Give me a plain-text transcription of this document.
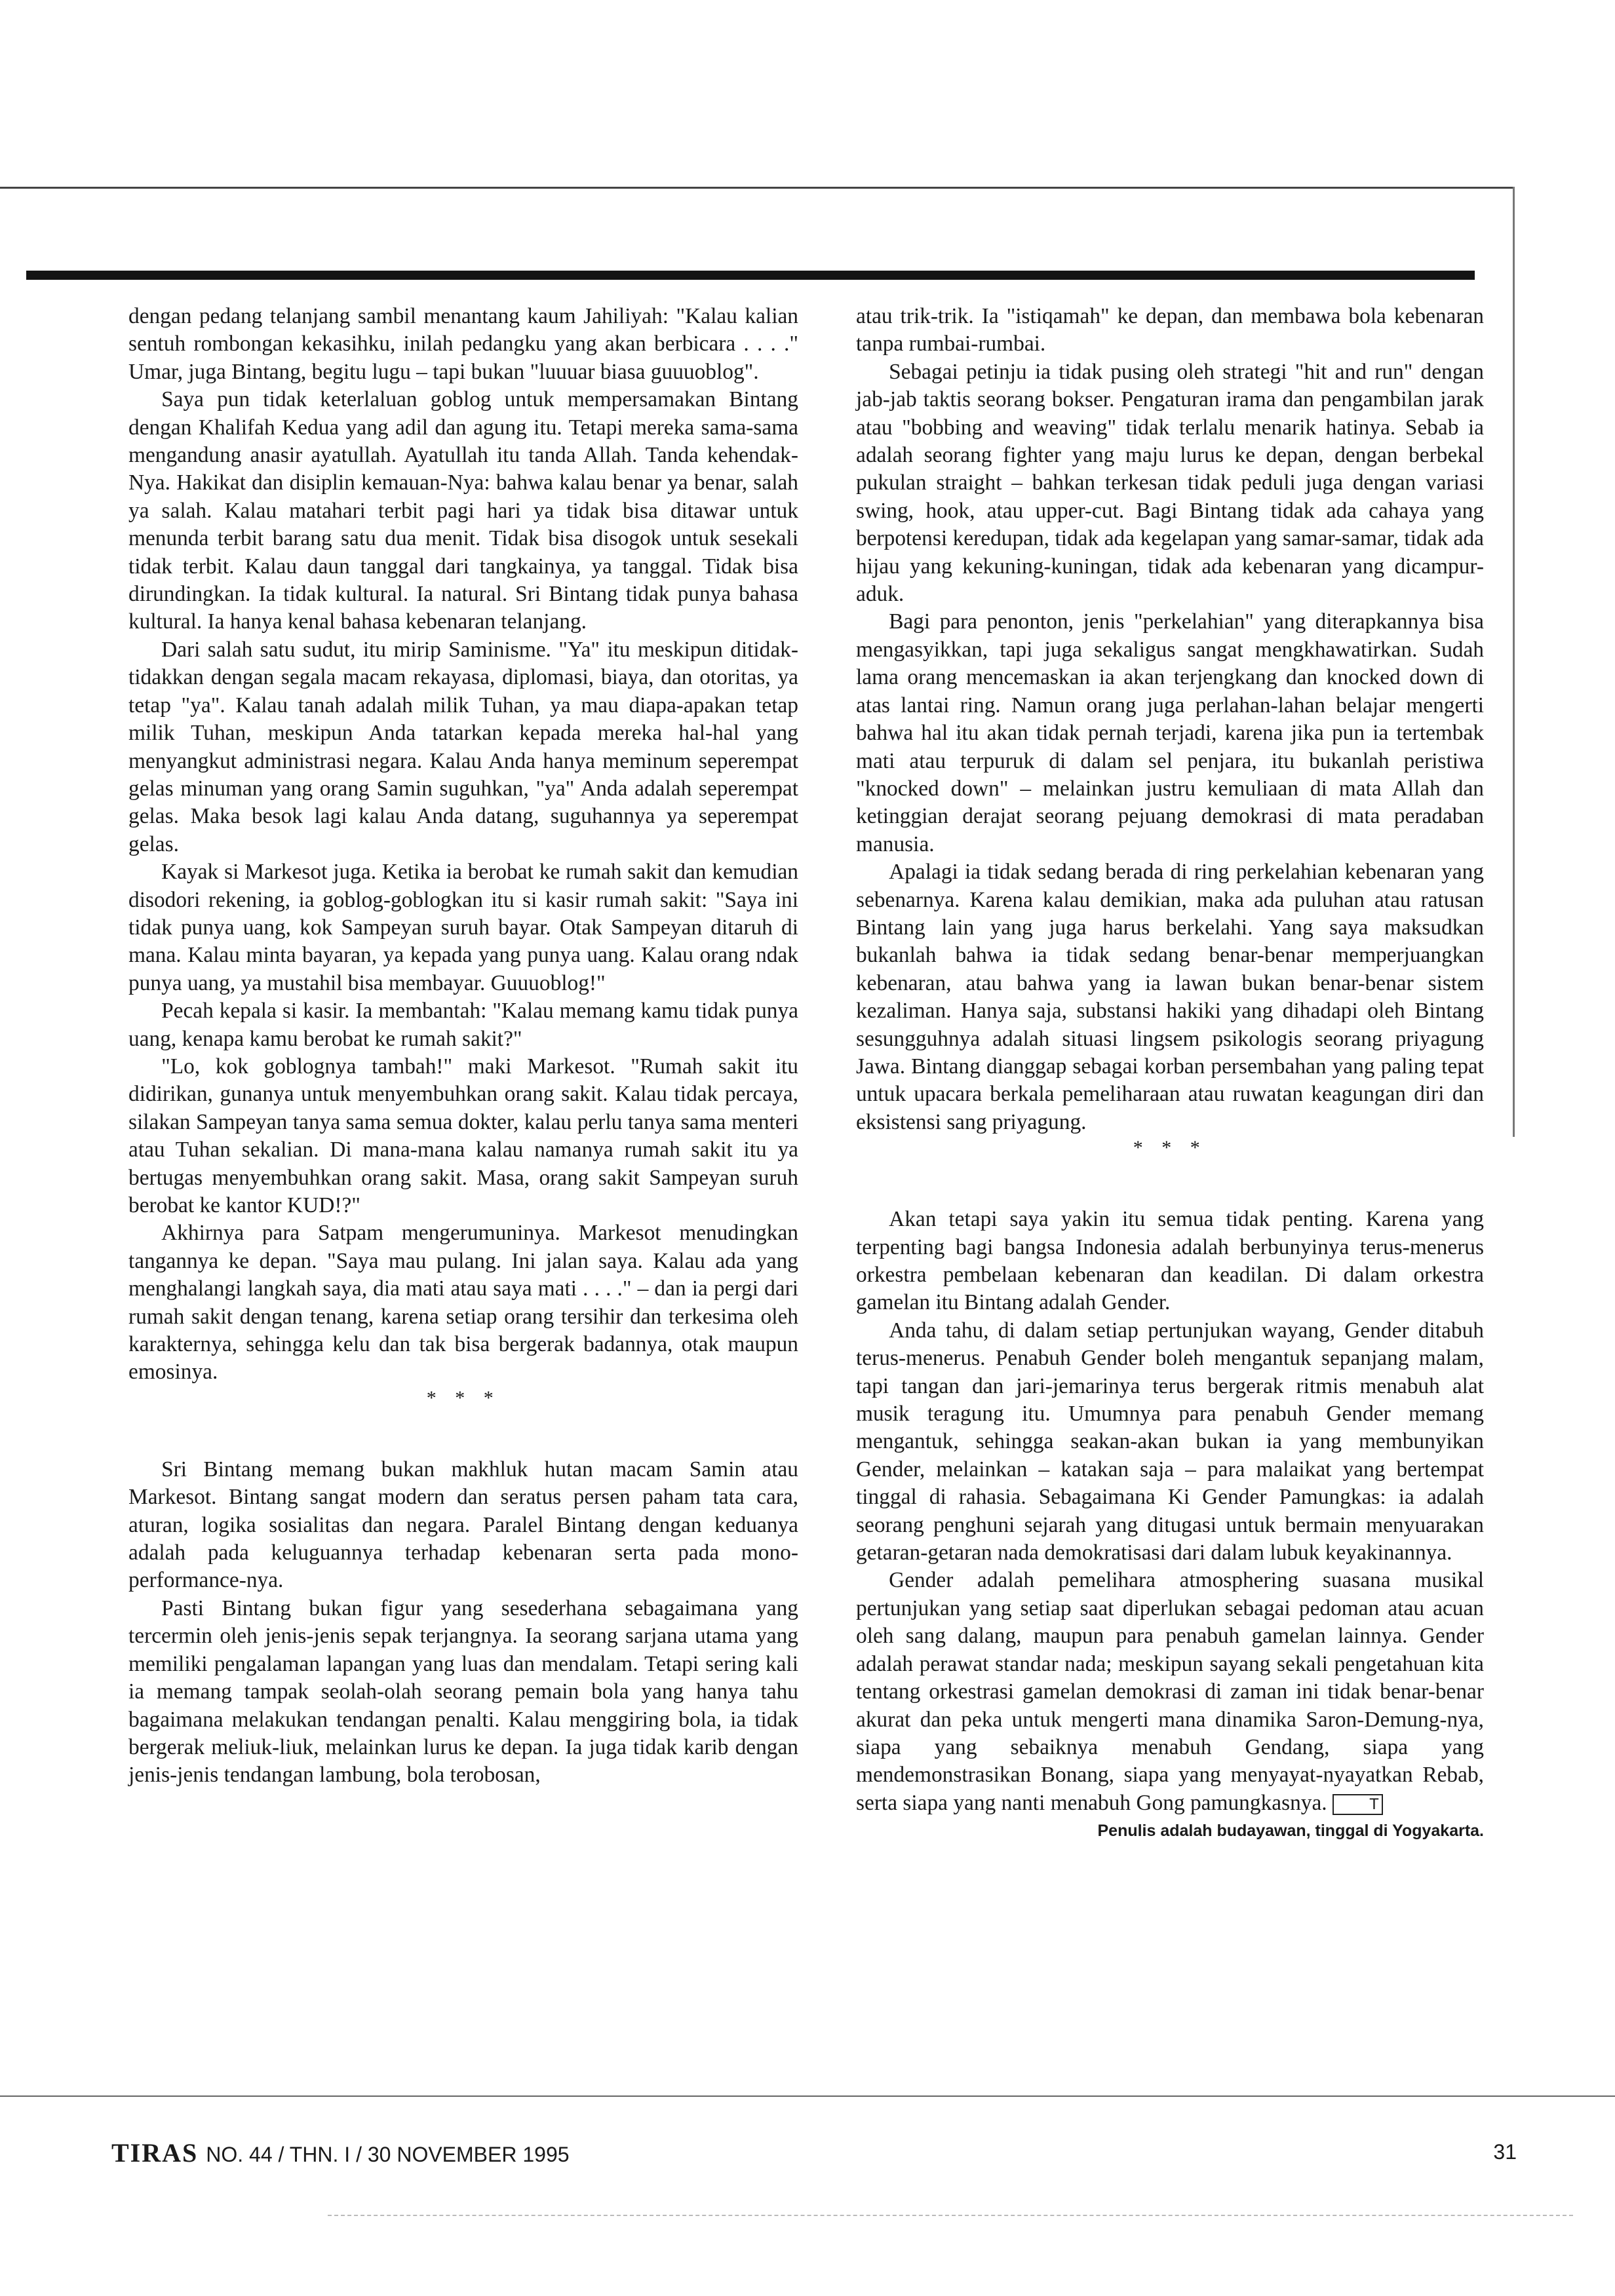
dengan pedang telanjang sambil menantang kaum Jahiliyah: "Kalau kalian sentuh rombongan kekasihku, inilah pedangku yang akan berbicara . . . ." Umar, juga Bintang, begitu lugu – tapi bukan "luuuar biasa guuuoblog".

Saya pun tidak keterlaluan goblog untuk mempersamakan Bintang dengan Khalifah Kedua yang adil dan agung itu. Tetapi mereka sama-sama mengandung anasir ayatullah. Ayatullah itu tanda Allah. Tanda kehendak-Nya. Hakikat dan disiplin kemauan-Nya: bahwa kalau benar ya benar, salah ya salah. Kalau matahari terbit pagi hari ya tidak bisa ditawar untuk menunda terbit barang satu dua menit. Tidak bisa disogok untuk sesekali tidak terbit. Kalau daun tanggal dari tangkainya, ya tanggal. Tidak bisa dirundingkan. Ia tidak kultural. Ia natural. Sri Bintang tidak punya bahasa kultural. Ia hanya kenal bahasa kebenaran telanjang.

Dari salah satu sudut, itu mirip Saminisme. "Ya" itu meskipun ditidak-tidakkan dengan segala macam rekayasa, diplomasi, biaya, dan otoritas, ya tetap "ya". Kalau tanah adalah milik Tuhan, ya mau diapa-apakan tetap milik Tuhan, meskipun Anda tatarkan kepada mereka hal-hal yang menyangkut administrasi negara. Kalau Anda hanya meminum seperempat gelas minuman yang orang Samin suguhkan, "ya" Anda adalah seperempat gelas. Maka besok lagi kalau Anda datang, suguhannya ya seperempat gelas.

Kayak si Markesot juga. Ketika ia berobat ke rumah sakit dan kemudian disodori rekening, ia goblog-goblogkan itu si kasir rumah sakit: "Saya ini tidak punya uang, kok Sampeyan suruh bayar. Otak Sampeyan ditaruh di mana. Kalau minta bayaran, ya kepada yang punya uang. Kalau orang ndak punya uang, ya mustahil bisa membayar. Guuuoblog!"

Pecah kepala si kasir. Ia membantah: "Kalau memang kamu tidak punya uang, kenapa kamu berobat ke rumah sakit?"

"Lo, kok goblognya tambah!" maki Markesot. "Rumah sakit itu didirikan, gunanya untuk menyembuhkan orang sakit. Kalau tidak percaya, silakan Sampeyan tanya sama semua dokter, kalau perlu tanya sama menteri atau Tuhan sekalian. Di mana-mana kalau namanya rumah sakit itu ya bertugas menyembuhkan orang sakit. Masa, orang sakit Sampeyan suruh berobat ke kantor KUD!?"

Akhirnya para Satpam mengerumuninya. Markesot menudingkan tangannya ke depan. "Saya mau pulang. Ini jalan saya. Kalau ada yang menghalangi langkah saya, dia mati atau saya mati . . . ." – dan ia pergi dari rumah sakit dengan tenang, karena setiap orang tersihir dan terkesima oleh karakternya, sehingga kelu dan tak bisa bergerak badannya, otak maupun emosinya.

* * *

Sri Bintang memang bukan makhluk hutan macam Samin atau Markesot. Bintang sangat modern dan seratus persen paham tata cara, aturan, logika sosialitas dan negara. Paralel Bintang dengan keduanya adalah pada keluguannya terhadap kebenaran serta pada mono-performance-nya.

Pasti Bintang bukan figur yang sesederhana sebagaimana yang tercermin oleh jenis-jenis sepak terjangnya. Ia seorang sarjana utama yang memiliki pengalaman lapangan yang luas dan mendalam. Tetapi sering kali ia memang tampak seolah-olah seorang pemain bola yang hanya tahu bagaimana melakukan tendangan penalti. Kalau menggiring bola, ia tidak bergerak meliuk-liuk, melainkan lurus ke depan. Ia juga tidak karib dengan jenis-jenis tendangan lambung, bola terobosan,

atau trik-trik. Ia "istiqamah" ke depan, dan membawa bola kebenaran tanpa rumbai-rumbai.

Sebagai petinju ia tidak pusing oleh strategi "hit and run" dengan jab-jab taktis seorang bokser. Pengaturan irama dan pengambilan jarak atau "bobbing and weaving" tidak terlalu menarik hatinya. Sebab ia adalah seorang fighter yang maju lurus ke depan, dengan berbekal pukulan straight – bahkan terkesan tidak peduli juga dengan variasi swing, hook, atau upper-cut. Bagi Bintang tidak ada cahaya yang berpotensi keredupan, tidak ada kegelapan yang samar-samar, tidak ada hijau yang kekuning-kuningan, tidak ada kebenaran yang dicampur-aduk.

Bagi para penonton, jenis "perkelahian" yang diterapkannya bisa mengasyikkan, tapi juga sekaligus sangat mengkhawatirkan. Sudah lama orang mencemaskan ia akan terjengkang dan knocked down di atas lantai ring. Namun orang juga perlahan-lahan belajar mengerti bahwa hal itu akan tidak pernah terjadi, karena jika pun ia tertembak mati atau terpuruk di dalam sel penjara, itu bukanlah peristiwa "knocked down" – melainkan justru kemuliaan di mata Allah dan ketinggian derajat seorang pejuang demokrasi di mata peradaban manusia.

Apalagi ia tidak sedang berada di ring perkelahian kebenaran yang sebenarnya. Karena kalau demikian, maka ada puluhan atau ratusan Bintang lain yang juga harus berkelahi. Yang saya maksudkan bukanlah bahwa ia tidak sedang benar-benar memperjuangkan kebenaran, atau bahwa yang ia lawan bukan benar-benar sistem kezaliman. Hanya saja, substansi hakiki yang dihadapi oleh Bintang sesungguhnya adalah situasi lingsem psikologis seorang priyagung Jawa. Bintang dianggap sebagai korban persembahan yang paling tepat untuk upacara berkala pemeliharaan atau ruwatan keagungan diri dan eksistensi sang priyagung.

* * *

Akan tetapi saya yakin itu semua tidak penting. Karena yang terpenting bagi bangsa Indonesia adalah berbunyinya terus-menerus orkestra pembelaan kebenaran dan keadilan. Di dalam orkestra gamelan itu Bintang adalah Gender.

Anda tahu, di dalam setiap pertunjukan wayang, Gender ditabuh terus-menerus. Penabuh Gender boleh mengantuk sepanjang malam, tapi tangan dan jari-jemarinya terus bergerak ritmis menabuh alat musik teragung itu. Umumnya para penabuh Gender memang mengantuk, sehingga seakan-akan bukan ia yang membunyikan Gender, melainkan – katakan saja – para malaikat yang bertempat tinggal di rahasia. Sebagaimana Ki Gender Pamungkas: ia adalah seorang penghuni sejarah yang ditugasi untuk bermain menyuarakan getaran-getaran nada demokratisasi dari dalam lubuk keyakinannya.

Gender adalah pemelihara atmosphering suasana musikal pertunjukan yang setiap saat diperlukan sebagai pedoman atau acuan oleh sang dalang, maupun para penabuh gamelan lainnya. Gender adalah perawat standar nada; meskipun sayang sekali pengetahuan kita tentang orkestrasi gamelan demokrasi di zaman ini tidak benar-benar akurat dan peka untuk mengerti mana dinamika Saron-Demung-nya, siapa yang sebaiknya menabuh Gendang, siapa yang mendemonstrasikan Bonang, siapa yang menyayat-nyayatkan Rebab, serta siapa yang nanti menabuh Gong pamungkasnya.	T

Penulis adalah budayawan, tinggal di Yogyakarta.

TIRAS NO. 44 / THN. I / 30 NOVEMBER 1995	31
